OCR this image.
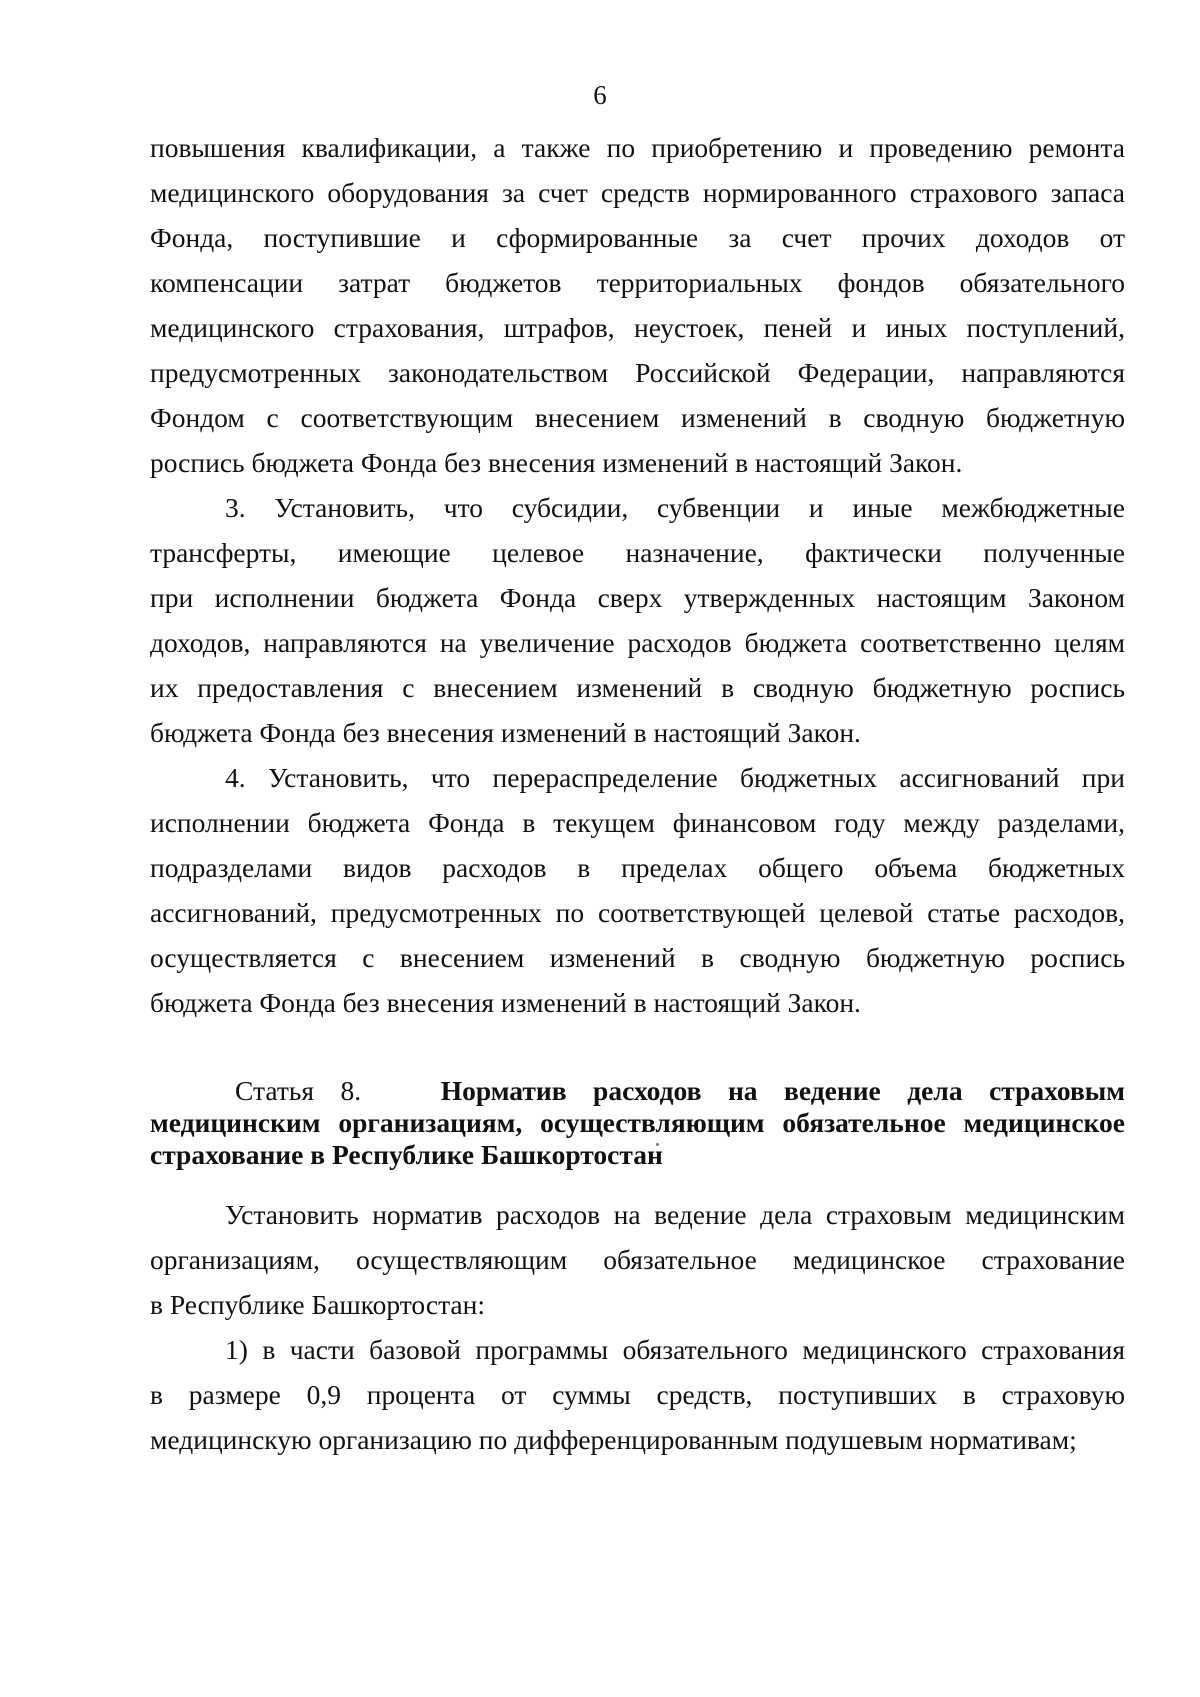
6
повышения квалификации, а также по приобретению и проведению ремонта
медицинского оборудования за счет средств нормированного страхового запаса
Фонда, поступившие и сформированные за счет прочих доходов от
компенсации затрат бюджетов территориальных фондов обязательного
медицинского страхования, штрафов, неустоек, пеней и иных поступлений,
предусмотренных законодательством Российской Федерации, направляются
Фондом с соответствующим внесением изменений в сводную бюджетную
роспись бюджета Фонда без внесения изменений в настоящий Закон.
3. Установить, что субсидии, субвенции и иные межбюджетные
трансферты, имеющие целевое назначение, фактически полученные
при исполнении бюджета Фонда сверх утвержденных настоящим Законом
доходов, направляются на увеличение расходов бюджета соответственно целям
их предоставления с внесением изменений в сводную бюджетную роспись
бюджета Фонда без внесения изменений в настоящий Закон.
4. Установить, что перераспределение бюджетных ассигнований при
исполнении бюджета Фонда в текущем финансовом году между разделами,
подразделами видов расходов в пределах общего объема бюджетных
ассигнований, предусмотренных по соответствующей целевой статье расходов,
осуществляется с внесением изменений в сводную бюджетную роспись
бюджета Фонда без внесения изменений в настоящий Закон.
Статья 8.	Норматив расходов на ведение дела страховым
медицинским организациям, осуществляющим обязательное медицинское
страхование в Республике Башкортостан
Установить норматив расходов на ведение дела страховым медицинским
организациям, осуществляющим обязательное медицинское страхование
в Республике Башкортостан:
1) в части базовой программы обязательного медицинского страхования
в размере 0,9 процента от суммы средств, поступивших в страховую
медицинскую организацию по дифференцированным подушевым нормативам;
